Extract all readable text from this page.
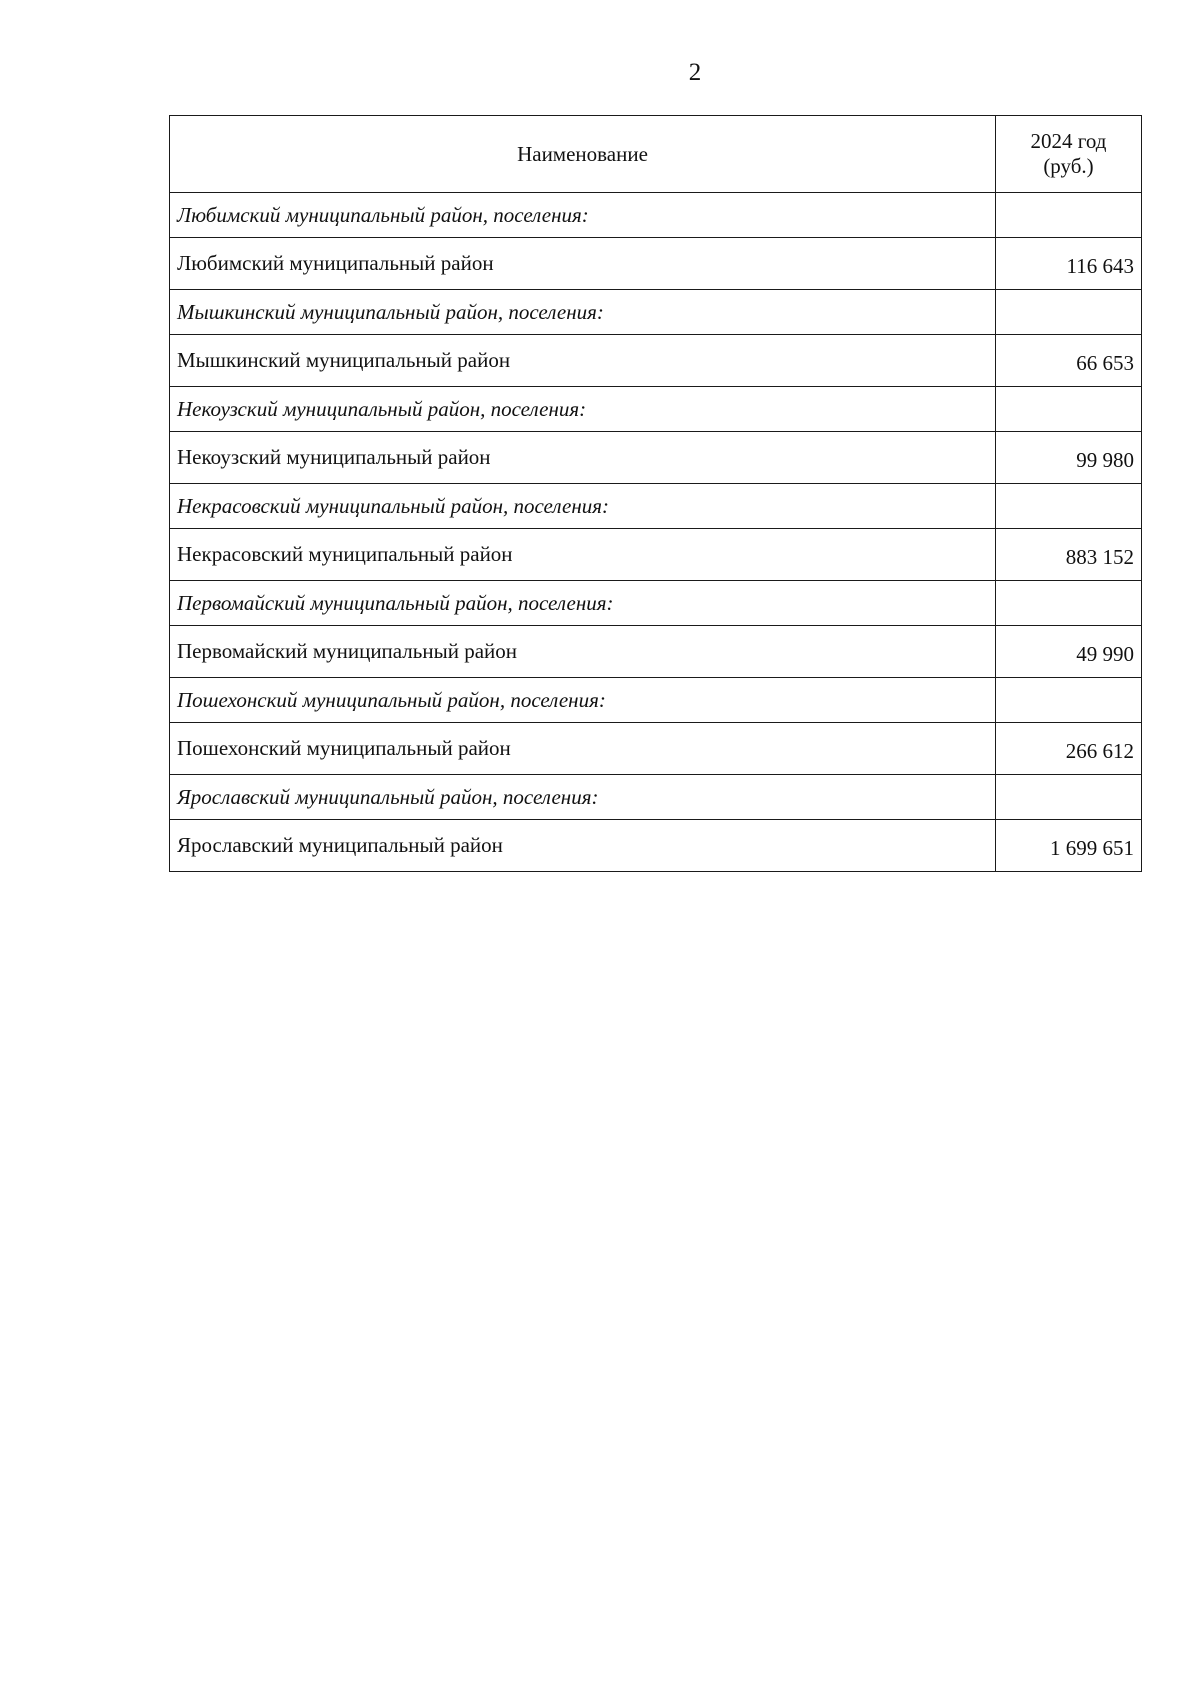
2
Наименование	2024 год
(руб.)

Любимский муниципальный район, поселения:	
Любимский муниципальный район	116 643
Мышкинский муниципальный район, поселения:	
Мышкинский муниципальный район	66 653
Некоузский муниципальный район, поселения:	
Некоузский муниципальный район	99 980
Некрасовский муниципальный район, поселения:	
Некрасовский муниципальный район	883 152
Первомайский муниципальный район, поселения:	
Первомайский муниципальный район	49 990
Пошехонский муниципальный район, поселения:	
Пошехонский муниципальный район	266 612
Ярославский муниципальный район, поселения:	
Ярославский муниципальный район	1 699 651
